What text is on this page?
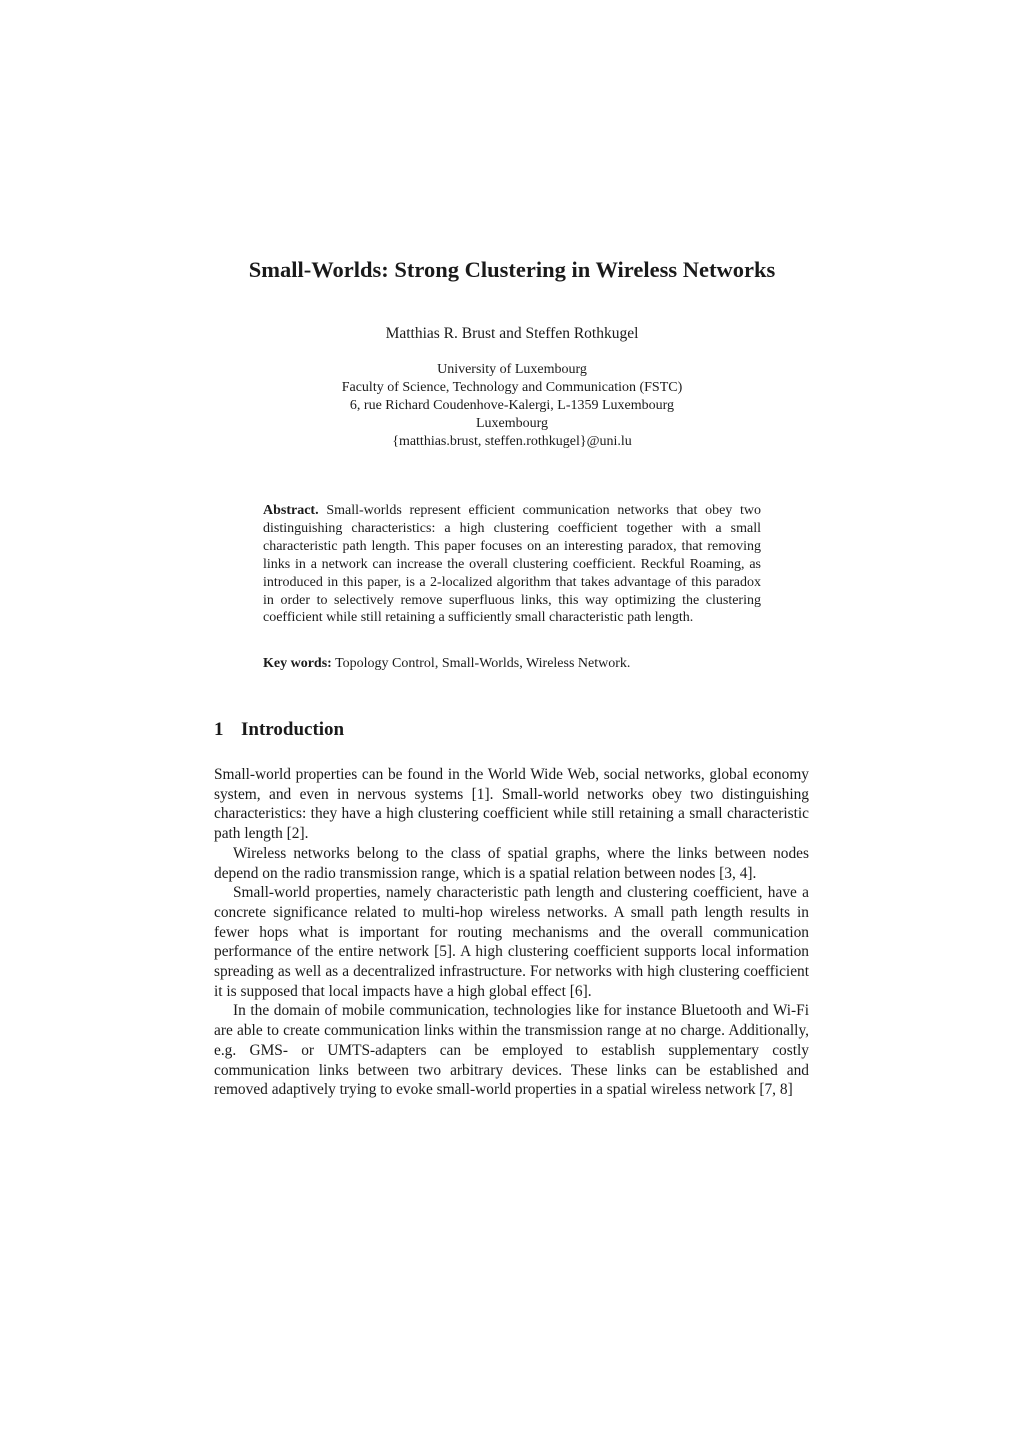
Small-Worlds: Strong Clustering in Wireless Networks
Matthias R. Brust and Steffen Rothkugel
University of Luxembourg
Faculty of Science, Technology and Communication (FSTC)
6, rue Richard Coudenhove-Kalergi, L-1359 Luxembourg
Luxembourg
{matthias.brust, steffen.rothkugel}@uni.lu

Abstract. Small-worlds represent efficient communication networks that obey two distinguishing characteristics: a high clustering coefficient together with a small characteristic path length. This paper focuses on an interesting paradox, that removing links in a network can increase the overall clustering coefficient. Reckful Roaming, as introduced in this paper, is a 2-localized algorithm that takes advantage of this paradox in order to selectively remove superfluous links, this way optimizing the clustering coefficient while still retaining a sufficiently small characteristic path length.

Key words: Topology Control, Small-Worlds, Wireless Network.

1 Introduction

Small-world properties can be found in the World Wide Web, social networks, global economy system, and even in nervous systems [1]. Small-world networks obey two distinguishing characteristics: they have a high clustering coefficient while still retaining a small characteristic path length [2].

Wireless networks belong to the class of spatial graphs, where the links between nodes depend on the radio transmission range, which is a spatial relation between nodes [3, 4].

Small-world properties, namely characteristic path length and clustering coefficient, have a concrete significance related to multi-hop wireless networks. A small path length results in fewer hops what is important for routing mechanisms and the overall communication performance of the entire network [5]. A high clustering coefficient supports local information spreading as well as a decentralized infrastructure. For networks with high clustering coefficient it is supposed that local impacts have a high global effect [6].

In the domain of mobile communication, technologies like for instance Bluetooth and Wi-Fi are able to create communication links within the transmission range at no charge. Additionally, e.g. GMS- or UMTS-adapters can be employed to establish supplementary costly communication links between two arbitrary devices. These links can be established and removed adaptively trying to evoke small-world properties in a spatial wireless network [7, 8]
